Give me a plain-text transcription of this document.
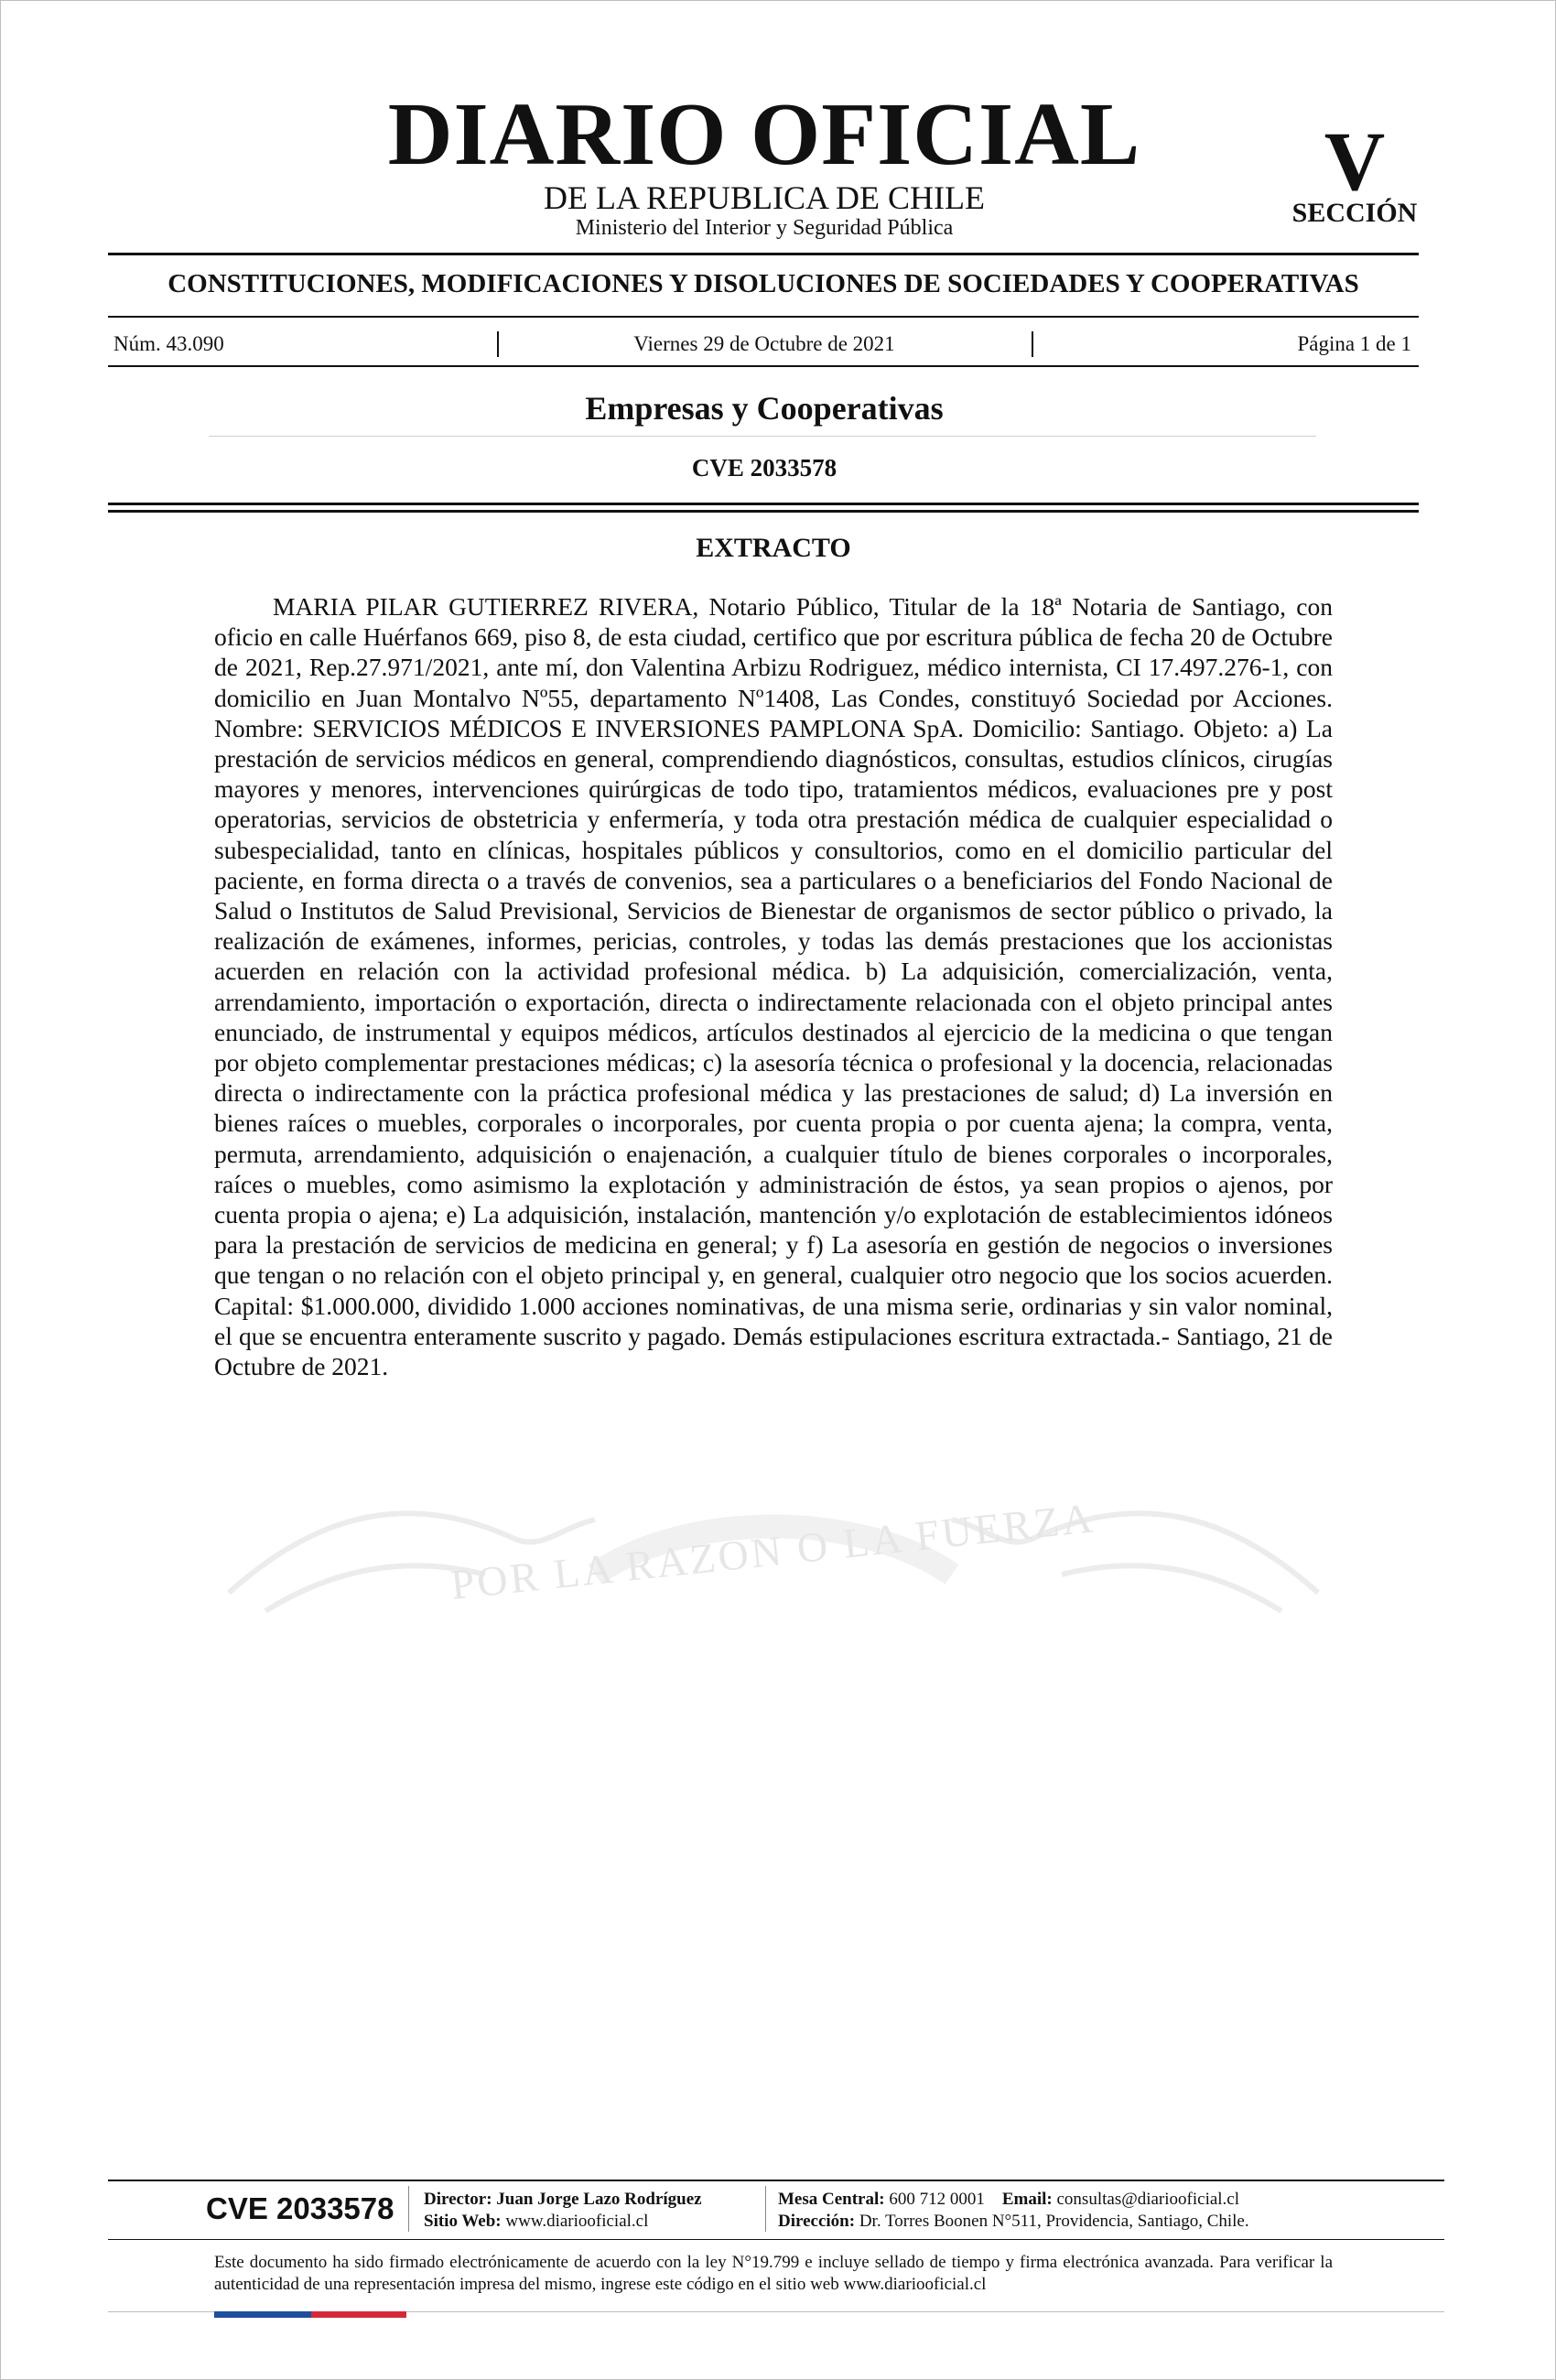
DIARIO OFICIAL
DE LA REPUBLICA DE CHILE
Ministerio del Interior y Seguridad Pública
V
SECCIÓN
CONSTITUCIONES, MODIFICACIONES Y DISOLUCIONES DE SOCIEDADES Y COOPERATIVAS
Núm. 43.090	Viernes 29 de Octubre de 2021	Página 1 de 1
Empresas y Cooperativas
CVE 2033578
EXTRACTO
MARIA PILAR GUTIERREZ RIVERA, Notario Público, Titular de la 18ª Notaria de Santiago, con oficio en calle Huérfanos 669, piso 8, de esta ciudad, certifico que por escritura pública de fecha 20 de Octubre de 2021, Rep.27.971/2021, ante mí, don Valentina Arbizu Rodriguez, médico internista, CI 17.497.276-1, con domicilio en Juan Montalvo Nº55, departamento Nº1408, Las Condes, constituyó Sociedad por Acciones. Nombre: SERVICIOS MÉDICOS E INVERSIONES PAMPLONA SpA. Domicilio: Santiago. Objeto: a) La prestación de servicios médicos en general, comprendiendo diagnósticos, consultas, estudios clínicos, cirugías mayores y menores, intervenciones quirúrgicas de todo tipo, tratamientos médicos, evaluaciones pre y post operatorias, servicios de obstetricia y enfermería, y toda otra prestación médica de cualquier especialidad o subespecialidad, tanto en clínicas, hospitales públicos y consultorios, como en el domicilio particular del paciente, en forma directa o a través de convenios, sea a particulares o a beneficiarios del Fondo Nacional de Salud o Institutos de Salud Previsional, Servicios de Bienestar de organismos de sector público o privado, la realización de exámenes, informes, pericias, controles, y todas las demás prestaciones que los accionistas acuerden en relación con la actividad profesional médica. b) La adquisición, comercialización, venta, arrendamiento, importación o exportación, directa o indirectamente relacionada con el objeto principal antes enunciado, de instrumental y equipos médicos, artículos destinados al ejercicio de la medicina o que tengan por objeto complementar prestaciones médicas; c) la asesoría técnica o profesional y la docencia, relacionadas directa o indirectamente con la práctica profesional médica y las prestaciones de salud; d) La inversión en bienes raíces o muebles, corporales o incorporales, por cuenta propia o por cuenta ajena; la compra, venta, permuta, arrendamiento, adquisición o enajenación, a cualquier título de bienes corporales o incorporales, raíces o muebles, como asimismo la explotación y administración de éstos, ya sean propios o ajenos, por cuenta propia o ajena; e) La adquisición, instalación, mantención y/o explotación de establecimientos idóneos para la prestación de servicios de medicina en general; y f) La asesoría en gestión de negocios o inversiones que tengan o no relación con el objeto principal y, en general, cualquier otro negocio que los socios acuerden. Capital: $1.000.000, dividido 1.000 acciones nominativas, de una misma serie, ordinarias y sin valor nominal, el que se encuentra enteramente suscrito y pagado. Demás estipulaciones escritura extractada.- Santiago, 21 de Octubre de 2021.
POR LA RAZON O LA FUERZA
CVE 2033578 Director: Juan Jorge Lazo Rodríguez
Sitio Web: www.diariooficial.cl
Mesa Central: 600 712 0001 Email: consultas@diariooficial.cl
Dirección: Dr. Torres Boonen N°511, Providencia, Santiago, Chile.
Este documento ha sido firmado electrónicamente de acuerdo con la ley N°19.799 e incluye sellado de tiempo y firma electrónica avanzada. Para verificar la autenticidad de una representación impresa del mismo, ingrese este código en el sitio web www.diariooficial.cl
